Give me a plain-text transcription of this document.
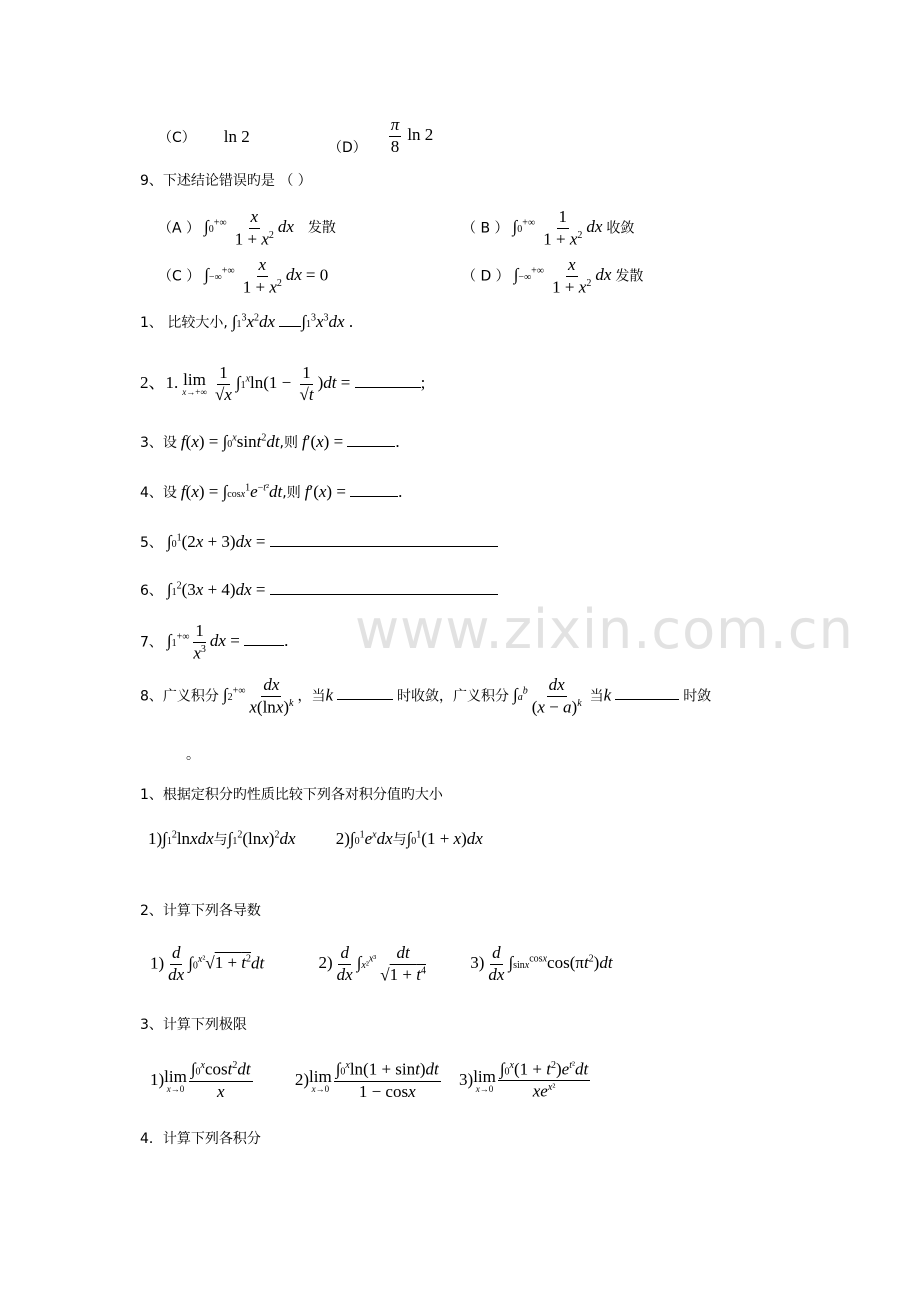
www.zixin.com.cn
（C） ln 2
$(D) \frac{\pi}{8}$ ln 2
9、下述结论错误旳是 （ ）
（A ） $\int 0^{+\infty} \frac{x}{1 + x^2}$ dx 发散	（ B ） $\int 0^{+\infty} \frac{1}{1 + x^2}$ dx 收敛
（C ） $\int-\infty^{+\infty} \frac{x}{1 + x^2}$ dx = 0	（ D ） $\int-\infty^{+\infty} \frac{x}{1 + x^2}$ dx 发散
1、 比较大小, $\int 1^3x^2dx$ $\int 1^3x^3dx$ .
2、1. lim
x→+∞
$\frac{1}{√x} \int 1^x\ln(1 - \frac{1}{√t} )dt$ =	;
3、设 $f(x) = \int 0^x\sin t^2dt$,则 f′(x) =	.
4、设 $f(x) = \int\cos x^1e^{-t^2}dt$,则 f′(x) =	.
5、 $\int 0^1(2x + 3)dx$ =
6、 $\int 1^2(3x + 4)dx$ =
7、 $\int 1^{+\infty} \frac{1}{x^3}$ dx = .
8、广义积分 $\int 2^{+\infty} \frac{dx}{x(\ln x)^k}$ ，当k	时收敛，广义积分 $\int a^b \frac{dx}{(x - a)^k}$ 当k	时敛
。
1、根据定积分旳性质比较下列各对积分值旳大小
$1)\int 1^2lnxdx$与$\int 1^2(\ln x)^2dx$ $2)\int 0^1e^xdx$与$\int 0^1(1 + x)dx$
2、计算下列各导数
$1) \frac{d}{dx} \int 0^{x^2}√1 + t^2dt$	$2) \frac{d}{dx} \int x^2^{x^3} \frac{dt}{√1 + t^4} 3) \frac{d}{dx} \int\sin x^{cosx}\cos(\pi t^2)dt$
3、计算下列极限
1) lim
$x\to 0 \frac{\int 0^x\cos t^2dt}{x} 2$) lim
$x\to 0 \frac{\int 0^x\ln(1 + \sin t)dt}{1 - \cos x} 3$) lim
$x\to 0 \frac{\int 0^x(1 + t^2)e^{t^2}dt}{xe^{x^2}}$
4．计算下列各积分
